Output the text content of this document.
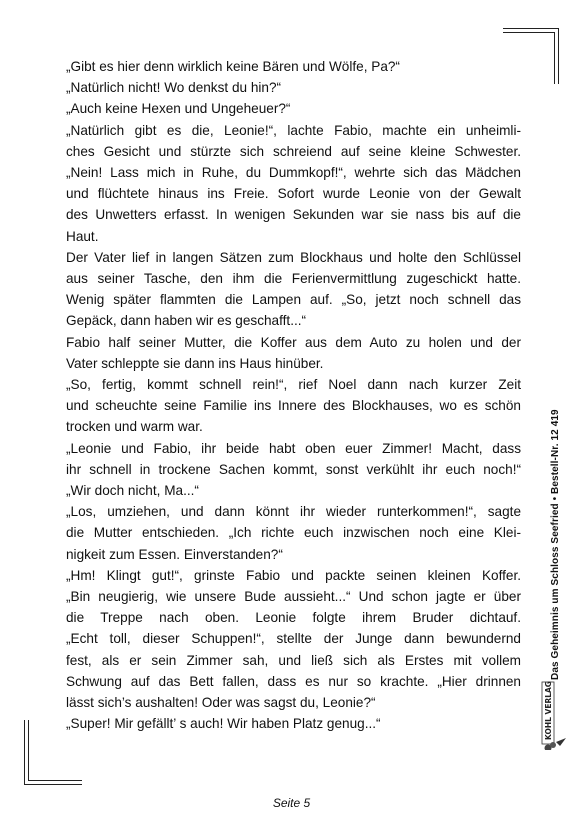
„Gibt es hier denn wirklich keine Bären und Wölfe, Pa?“
„Natürlich nicht! Wo denkst du hin?“
„Auch keine Hexen und Ungeheuer?“
„Natürlich gibt es die, Leonie!“, lachte Fabio, machte ein unheimli-
ches Gesicht und stürzte sich schreiend auf seine kleine Schwester.
„Nein! Lass mich in Ruhe, du Dummkopf!“, wehrte sich das Mädchen
und flüchtete hinaus ins Freie. Sofort wurde Leonie von der Gewalt
des Unwetters erfasst. In wenigen Sekunden war sie nass bis auf die
Haut.
Der Vater lief in langen Sätzen zum Blockhaus und holte den Schlüssel
aus seiner Tasche, den ihm die Ferienvermittlung zugeschickt hatte.
Wenig später flammten die Lampen auf. „So, jetzt noch schnell das
Gepäck, dann haben wir es geschafft...“
Fabio half seiner Mutter, die Koffer aus dem Auto zu holen und der
Vater schleppte sie dann ins Haus hinüber.
„So, fertig, kommt schnell rein!“, rief Noel dann nach kurzer Zeit
und scheuchte seine Familie ins Innere des Blockhauses, wo es schön
trocken und warm war.
„Leonie und Fabio, ihr beide habt oben euer Zimmer! Macht, dass
ihr schnell in trockene Sachen kommt, sonst verkühlt ihr euch noch!“
„Wir doch nicht, Ma...“
„Los, umziehen, und dann könnt ihr wieder runterkommen!“, sagte
die Mutter entschieden. „Ich richte euch inzwischen noch eine Klei-
nigkeit zum Essen. Einverstanden?“
„Hm! Klingt gut!“, grinste Fabio und packte seinen kleinen Koffer.
„Bin neugierig, wie unsere Bude aussieht...“ Und schon jagte er über
die Treppe nach oben. Leonie folgte ihrem Bruder dichtauf.
„Echt toll, dieser Schuppen!“, stellte der Junge dann bewundernd
fest, als er sein Zimmer sah, und ließ sich als Erstes mit vollem
Schwung auf das Bett fallen, dass es nur so krachte. „Hier drinnen
lässt sich’s aushalten! Oder was sagst du, Leonie?“
„Super! Mir gefällt’ s auch! Wir haben Platz genug...“
Das Geheimnis um Schloss Seefried • Bestell-Nr. 12 419
KOHL VERLAG
Seite 5
